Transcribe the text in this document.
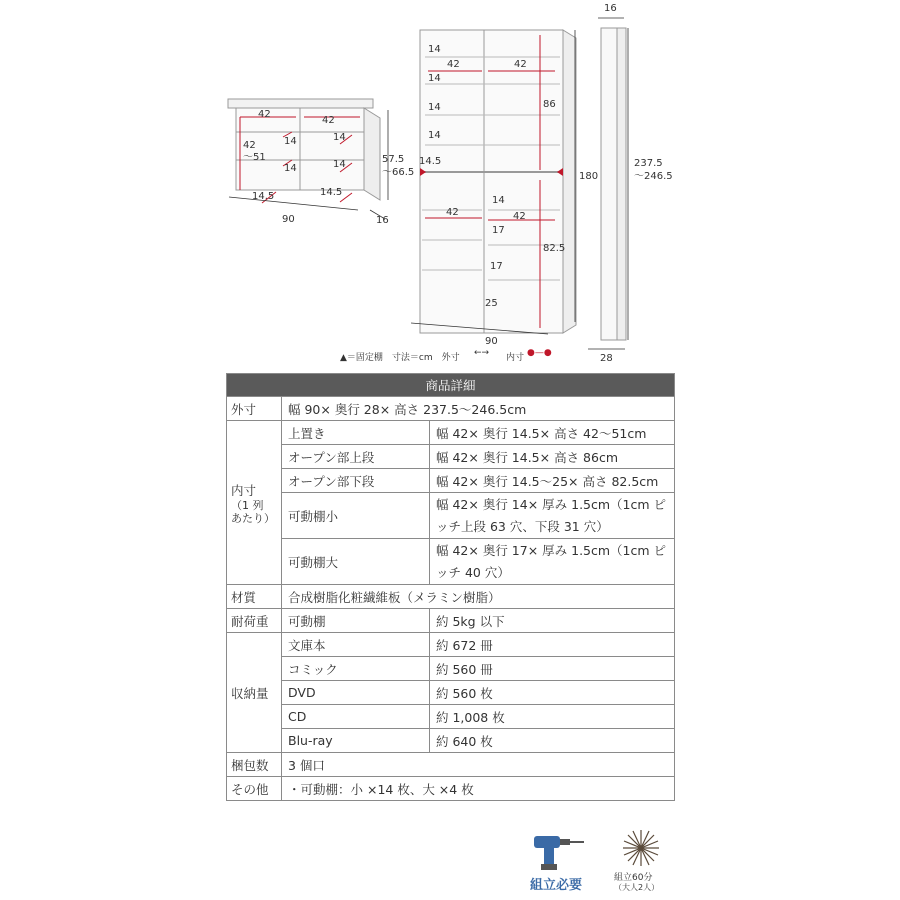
90	16
57.5
～66.5
42
42
42
～51
14
14
14
14
14.5
14.5
90
180
42	42
42	42
86
82.5
14
14
14
14
14.5
14
17
17
25
16
28
237.5
～246.5
▲＝固定棚　寸法＝cm　外寸 ←→ 内寸 ●—●
商品詳細		
外寸	幅 90× 奥行 28× 高さ 237.5～246.5cm	

内寸
（1 列
あたり）	上置き	幅 42× 奥行 14.5× 高さ 42～51cm
	オープン部上段	幅 42× 奥行 14.5× 高さ 86cm
	オープン部下段	幅 42× 奥行 14.5～25× 高さ 82.5cm
	可動棚小	幅 42× 奥行 14× 厚み 1.5cm（1cm ピッチ上段 63 穴、下段 31 穴）
	可動棚大	幅 42× 奥行 17× 厚み 1.5cm（1cm ピッチ 40 穴）
材質	合成樹脂化粧繊維板（メラミン樹脂）	
耐荷重	可動棚	約 5kg 以下
収納量	文庫本	約 672 冊
	コミック	約 560 冊
	DVD	約 560 枚
	CD	約 1,008 枚
	Blu-ray	約 640 枚
梱包数	3 個口	
その他	・可動棚：小 ×14 枚、大 ×4 枚	
組立必要	組立60分
（大人2人）
